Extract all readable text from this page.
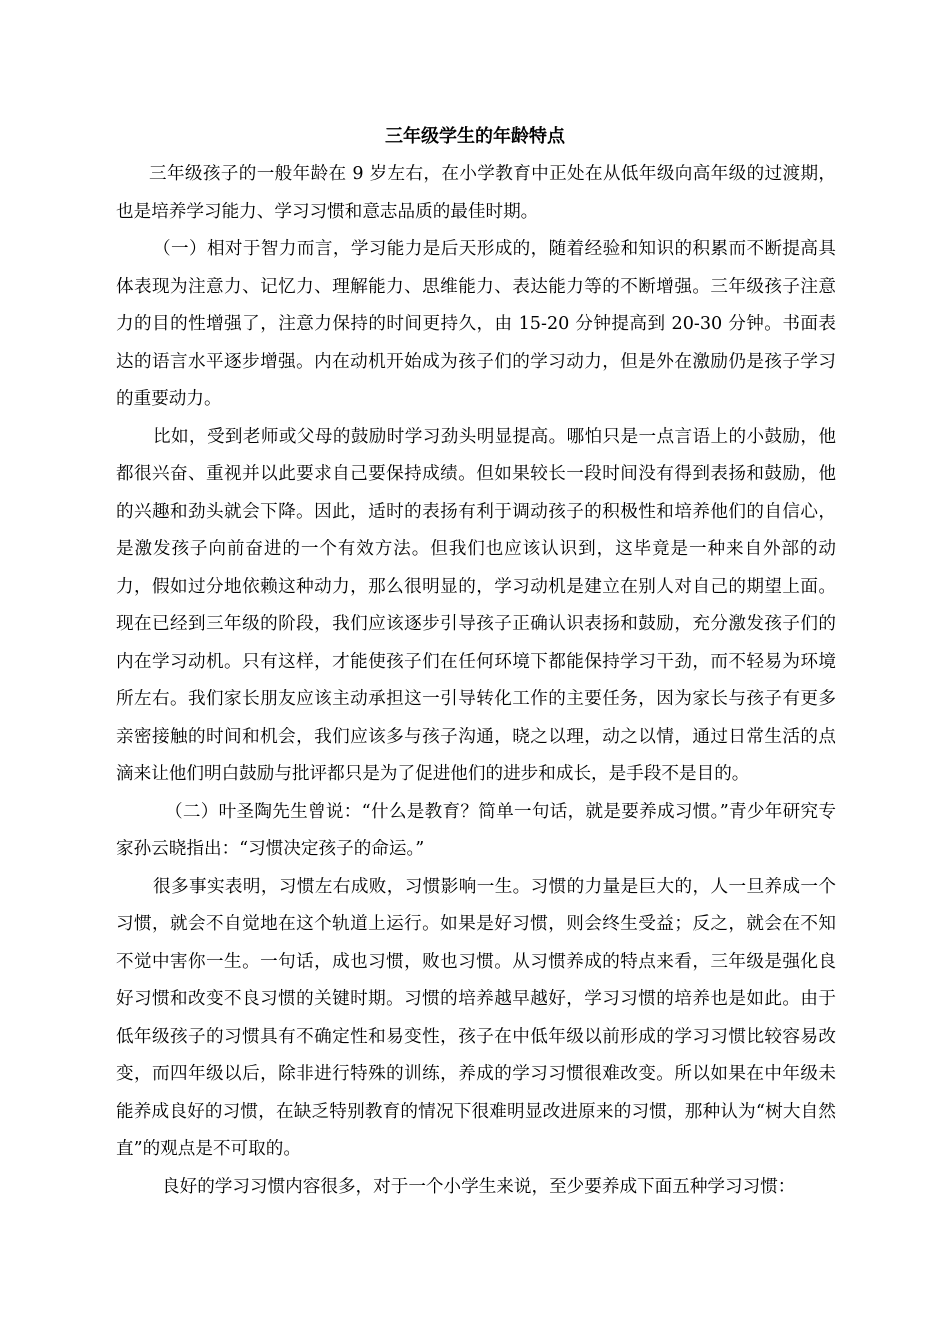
三年级学生的年龄特点

三年级孩子的一般年龄在 9 岁左右，在小学教育中正处在从低年级向高年级的过渡期，也是培养学习能力、学习习惯和意志品质的最佳时期。

（一）相对于智力而言，学习能力是后天形成的，随着经验和知识的积累而不断提高具体表现为注意力、记忆力、理解能力、思维能力、表达能力等的不断增强。三年级孩子注意力的目的性增强了，注意力保持的时间更持久，由 15-20 分钟提高到 20-30 分钟。书面表达的语言水平逐步增强。内在动机开始成为孩子们的学习动力，但是外在激励仍是孩子学习的重要动力。

比如，受到老师或父母的鼓励时学习劲头明显提高。哪怕只是一点言语上的小鼓励，他都很兴奋、重视并以此要求自己要保持成绩。但如果较长一段时间没有得到表扬和鼓励，他的兴趣和劲头就会下降。因此，适时的表扬有利于调动孩子的积极性和培养他们的自信心，是激发孩子向前奋进的一个有效方法。但我们也应该认识到，这毕竟是一种来自外部的动力，假如过分地依赖这种动力，那么很明显的，学习动机是建立在别人对自己的期望上面。现在已经到三年级的阶段，我们应该逐步引导孩子正确认识表扬和鼓励，充分激发孩子们的内在学习动机。只有这样，才能使孩子们在任何环境下都能保持学习干劲，而不轻易为环境所左右。我们家长朋友应该主动承担这一引导转化工作的主要任务，因为家长与孩子有更多亲密接触的时间和机会，我们应该多与孩子沟通，晓之以理，动之以情，通过日常生活的点滴来让他们明白鼓励与批评都只是为了促进他们的进步和成长，是手段不是目的。

（二）叶圣陶先生曾说：“什么是教育？简单一句话，就是要养成习惯。”青少年研究专家孙云晓指出：“习惯决定孩子的命运。”

很多事实表明，习惯左右成败，习惯影响一生。习惯的力量是巨大的，人一旦养成一个习惯，就会不自觉地在这个轨道上运行。如果是好习惯，则会终生受益；反之，就会在不知不觉中害你一生。一句话，成也习惯，败也习惯。从习惯养成的特点来看，三年级是强化良好习惯和改变不良习惯的关键时期。习惯的培养越早越好，学习习惯的培养也是如此。由于低年级孩子的习惯具有不确定性和易变性，孩子在中低年级以前形成的学习习惯比较容易改变，而四年级以后，除非进行特殊的训练，养成的学习习惯很难改变。所以如果在中年级未能养成良好的习惯，在缺乏特别教育的情况下很难明显改进原来的习惯，那种认为“树大自然直”的观点是不可取的。

良好的学习习惯内容很多，对于一个小学生来说，至少要养成下面五种学习习惯：
